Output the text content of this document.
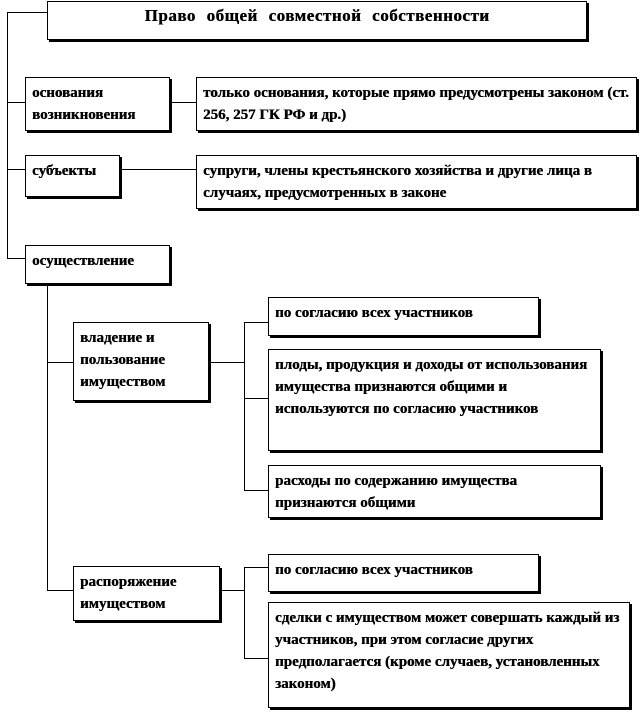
Право общей совместной собственности
основания
возникновения
только основания, которые прямо предусмотрены законом (ст. 256, 257 ГК РФ и др.)
субъекты	супруги, члены крестьянского хозяйства и другие лица в случаях, предусмотренных в законе
осуществление
владение и
пользование
имуществом
по согласию всех участников
плоды, продукция и доходы от использования имущества признаются общими и используются по согласию участников
расходы по содержанию имущества признаются общими
распоряжение
имуществом
по согласию всех участников
сделки с имуществом может совершать каждый из участников, при этом согласие других предполагается (кроме случаев, установленных законом)
